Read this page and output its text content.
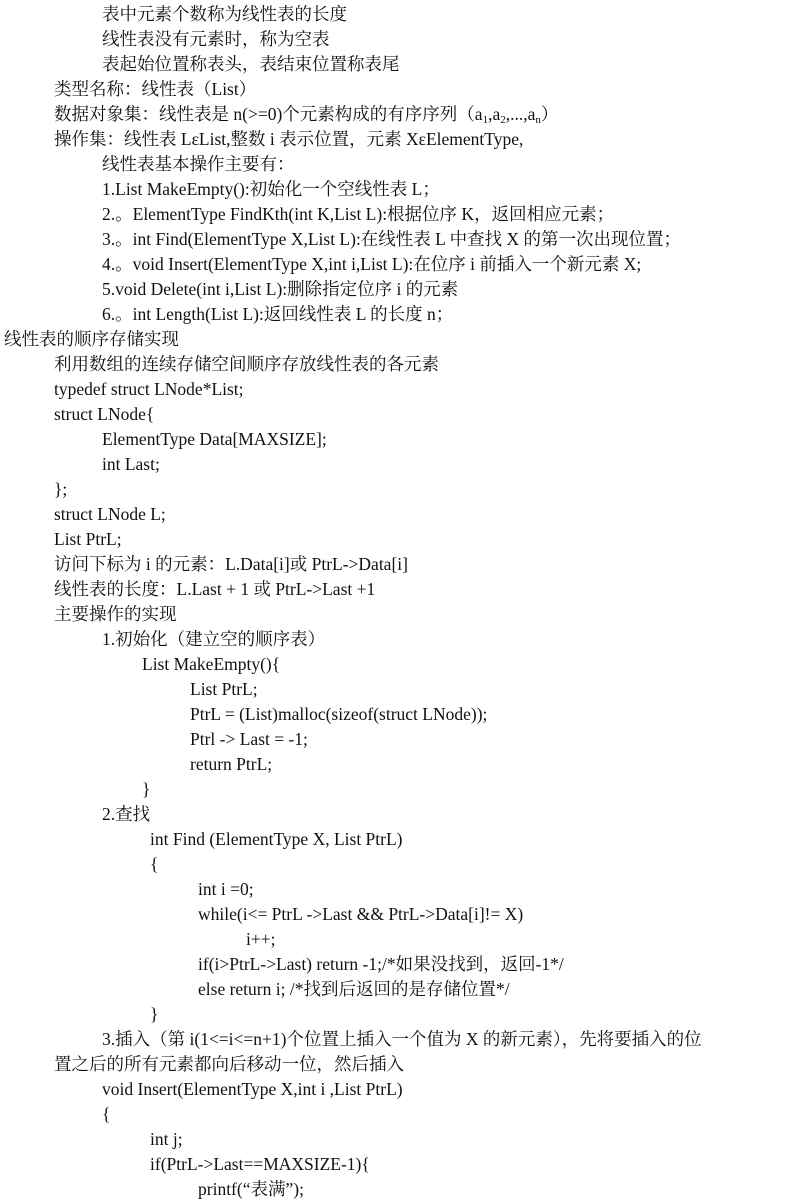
表中元素个数称为线性表的长度
线性表没有元素时，称为空表
表起始位置称表头，表结束位置称表尾
类型名称：线性表（List）
数据对象集：线性表是 n(>=0)个元素构成的有序序列$(a_1,a_2,...,a_n)$
操作集：线性表 LεList,整数 i 表示位置，元素 XεElementType,
线性表基本操作主要有：
1.List MakeEmpty():初始化一个空线性表 L；
2.。ElementType FindKth(int K,List L):根据位序 K，返回相应元素；
3.。int Find(ElementType X,List L):在线性表 L 中查找 X 的第一次出现位置；
4.。void Insert(ElementType X,int i,List L):在位序 i 前插入一个新元素 X;
5.void Delete(int i,List L):删除指定位序 i 的元素
6.。int Length(List L):返回线性表 L 的长度 n；
线性表的顺序存储实现
利用数组的连续存储空间顺序存放线性表的各元素
typedef struct LNode*List;
struct LNode{
ElementType Data[MAXSIZE];
int Last;
};
struct LNode L;
List PtrL;
访问下标为 i 的元素：L.Data[i]或 PtrL->Data[i]
线性表的长度：L.Last + 1 或 PtrL->Last +1
主要操作的实现
1.初始化（建立空的顺序表）
List MakeEmpty(){
List PtrL;
PtrL = (List)malloc(sizeof(struct LNode));
Ptrl -> Last = -1;
return PtrL;
}
2.查找
int Find (ElementType X, List PtrL)
{
int i =0;
while(i<= PtrL ->Last && PtrL->Data[i]!= X)
i++;
if(i>PtrL->Last) return -1;/*如果没找到，返回-1*/
else return i; /*找到后返回的是存储位置*/
}
3.插入（第 i(1<=i<=n+1)个位置上插入一个值为 X 的新元素），先将要插入的位
置之后的所有元素都向后移动一位，然后插入
void Insert(ElementType X,int i ,List PtrL)
{
int j;
if(PtrL->Last==MAXSIZE-1){
printf(“表满”);
